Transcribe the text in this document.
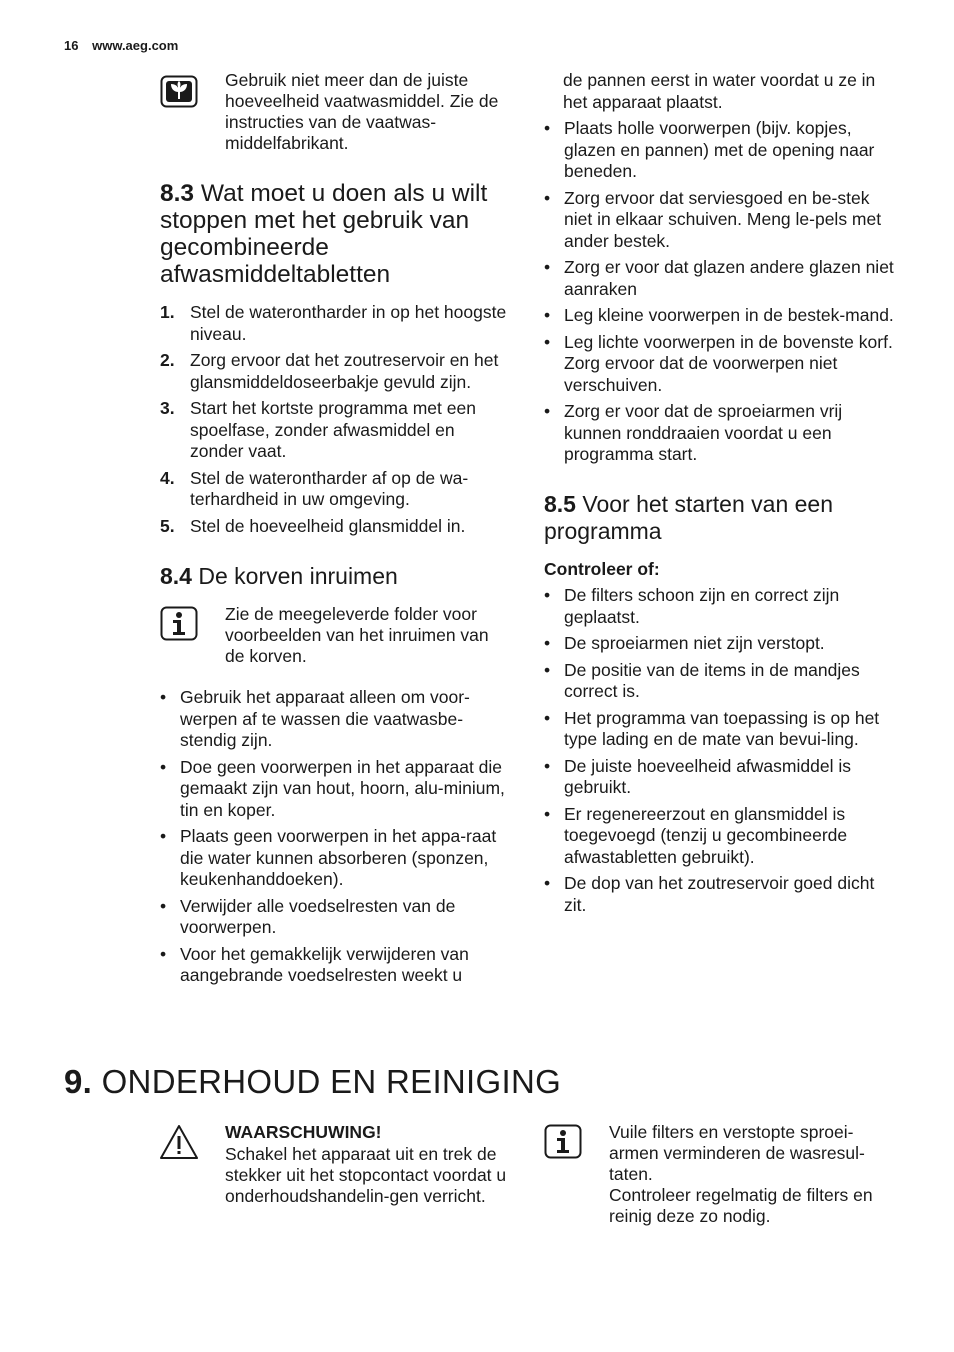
16 www.aeg.com
Gebruik niet meer dan de juiste hoeveelheid vaatwasmiddel. Zie de instructies van de vaatwas-middelfabrikant.
8.3 Wat moet u doen als u wilt
stoppen met het gebruik van
gecombineerde
afwasmiddeltabletten
1. Stel de waterontharder in op het hoogste niveau.
2. Zorg ervoor dat het zoutreservoir en het glansmiddeldoseerbakje gevuld zijn.
3. Start het kortste programma met een spoelfase, zonder afwasmiddel en zonder vaat.
4. Stel de waterontharder af op de wa-terhardheid in uw omgeving.
5. Stel de hoeveelheid glansmiddel in.
8.4 De korven inruimen
Zie de meegeleverde folder voor voorbeelden van het inruimen van de korven.
• Gebruik het apparaat alleen om voor-werpen af te wassen die vaatwasbe-stendig zijn.
• Doe geen voorwerpen in het apparaat die gemaakt zijn van hout, hoorn, alu-minium, tin en koper.
• Plaats geen voorwerpen in het appa-raat die water kunnen absorberen (sponzen, keukenhanddoeken).
• Verwijder alle voedselresten van de voorwerpen.
• Voor het gemakkelijk verwijderen van aangebrande voedselresten weekt u
de pannen eerst in water voordat u ze in het apparaat plaatst.
• Plaats holle voorwerpen (bijv. kopjes, glazen en pannen) met de opening naar beneden.
• Zorg ervoor dat serviesgoed en be-stek niet in elkaar schuiven. Meng le-pels met ander bestek.
• Zorg er voor dat glazen andere glazen niet aanraken
• Leg kleine voorwerpen in de bestek-mand.
• Leg lichte voorwerpen in de bovenste korf. Zorg ervoor dat de voorwerpen niet verschuiven.
• Zorg er voor dat de sproeiarmen vrij kunnen ronddraaien voordat u een programma start.
8.5 Voor het starten van een
programma
Controleer of:
• De filters schoon zijn en correct zijn geplaatst.
• De sproeiarmen niet zijn verstopt.
• De positie van de items in de mandjes correct is.
• Het programma van toepassing is op het type lading en de mate van bevui-ling.
• De juiste hoeveelheid afwasmiddel is gebruikt.
• Er regenereerzout en glansmiddel is toegevoegd (tenzij u gecombineerde afwastabletten gebruikt).
• De dop van het zoutreservoir goed dicht zit.
9. ONDERHOUD EN REINIGING
WAARSCHUWING!
Schakel het apparaat uit en trek de stekker uit het stopcontact voordat u onderhoudshandelin-gen verricht.
Vuile filters en verstopte sproei-armen verminderen de wasresul-taten.
Controleer regelmatig de filters en reinig deze zo nodig.
